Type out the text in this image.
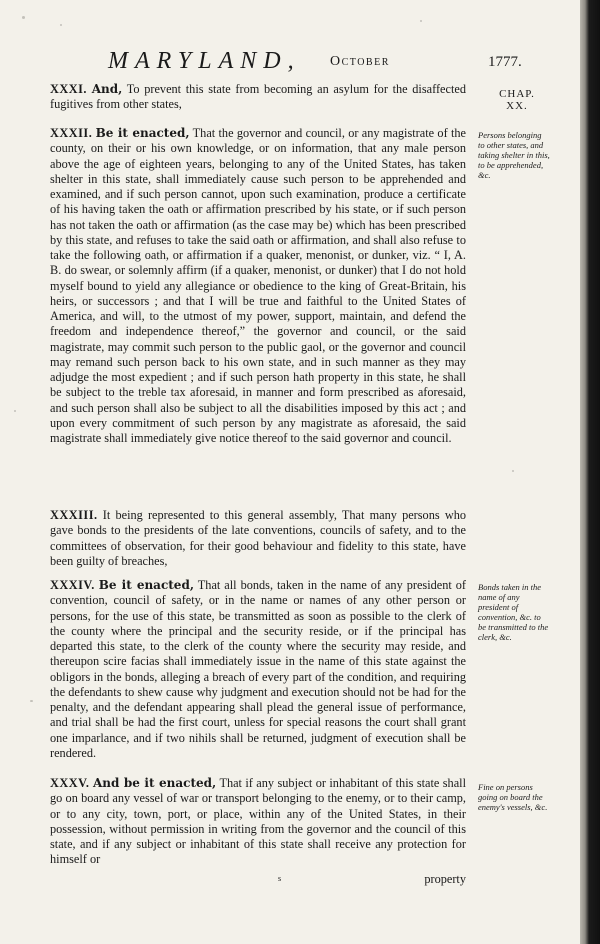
MARYLAND, October	1777.
CHAP.
XX.
XXXI. And, To prevent this state from becoming an asylum for the disaffected fugitives from other states,
XXXII. Be it enacted, That the governor and council, or any magistrate of the county, on their or his own knowledge, or on information, that any male person above the age of eighteen years, belonging to any of the United States, has taken shelter in this state, shall immediately cause such person to be apprehended and examined, and if such person cannot, upon such examination, produce a certificate of his having taken the oath or affirmation prescribed by his state, or if such person has not taken the oath or affirmation (as the case may be) which has been prescribed by this state, and refuses to take the said oath or affirmation, and shall also refuse to take the following oath, or affirmation if a quaker, menonist, or dunker, viz. “ I, A. B. do swear, or solemnly affirm (if a quaker, menonist, or dunker) that I do not hold myself bound to yield any allegiance or obedience to the king of Great-Britain, his heirs, or successors ; and that I will be true and faithful to the United States of America, and will, to the utmost of my power, support, maintain, and defend the freedom and independence thereof,” the governor and council, or the said magistrate, may commit such person to the public gaol, or the governor and council may remand such person back to his own state, and in such manner as they may adjudge the most expedient ; and if such person hath property in this state, he shall be subject to the treble tax aforesaid, in manner and form prescribed as aforesaid, and such person shall also be subject to all the disabilities imposed by this act ; and upon every commitment of such person by any magistrate as aforesaid, the said magistrate shall immediately give notice thereof to the said governor and council.
Persons belonging to other states, and taking shelter in this, to be apprehended, &c.
XXXIII. It being represented to this general assembly, That many persons who gave bonds to the presidents of the late conventions, councils of safety, and to the committees of observation, for their good behaviour and fidelity to this state, have been guilty of breaches,
XXXIV. Be it enacted, That all bonds, taken in the name of any president of convention, council of safety, or in the name or names of any other person or persons, for the use of this state, be transmitted as soon as possible to the clerk of the county where the principal and the security reside, or if the principal has departed this state, to the clerk of the county where the security may reside, and thereupon scire facias shall immediately issue in the name of this state against the obligors in the bonds, alleging a breach of every part of the condition, and requiring the defendants to shew cause why judgment and execution should not be had for the penalty, and the defendant appearing shall plead the general issue of performance, and trial shall be had the first court, unless for special reasons the court shall grant one imparlance, and if two nihils shall be returned, judgment of execution shall be rendered.
Bonds taken in the name of any president of convention, &c. to be transmitted to the clerk, &c.
XXXV. And be it enacted, That if any subject or inhabitant of this state shall go on board any vessel of war or transport belonging to the enemy, or to their camp, or to any city, town, port, or place, within any of the United States, in their possession, without permission in writing from the governor and the council of this state, and if any subject or inhabitant of this state shall receive any protection for himself or
Fine on persons going on board the enemy's vessels, &c.
property
s
